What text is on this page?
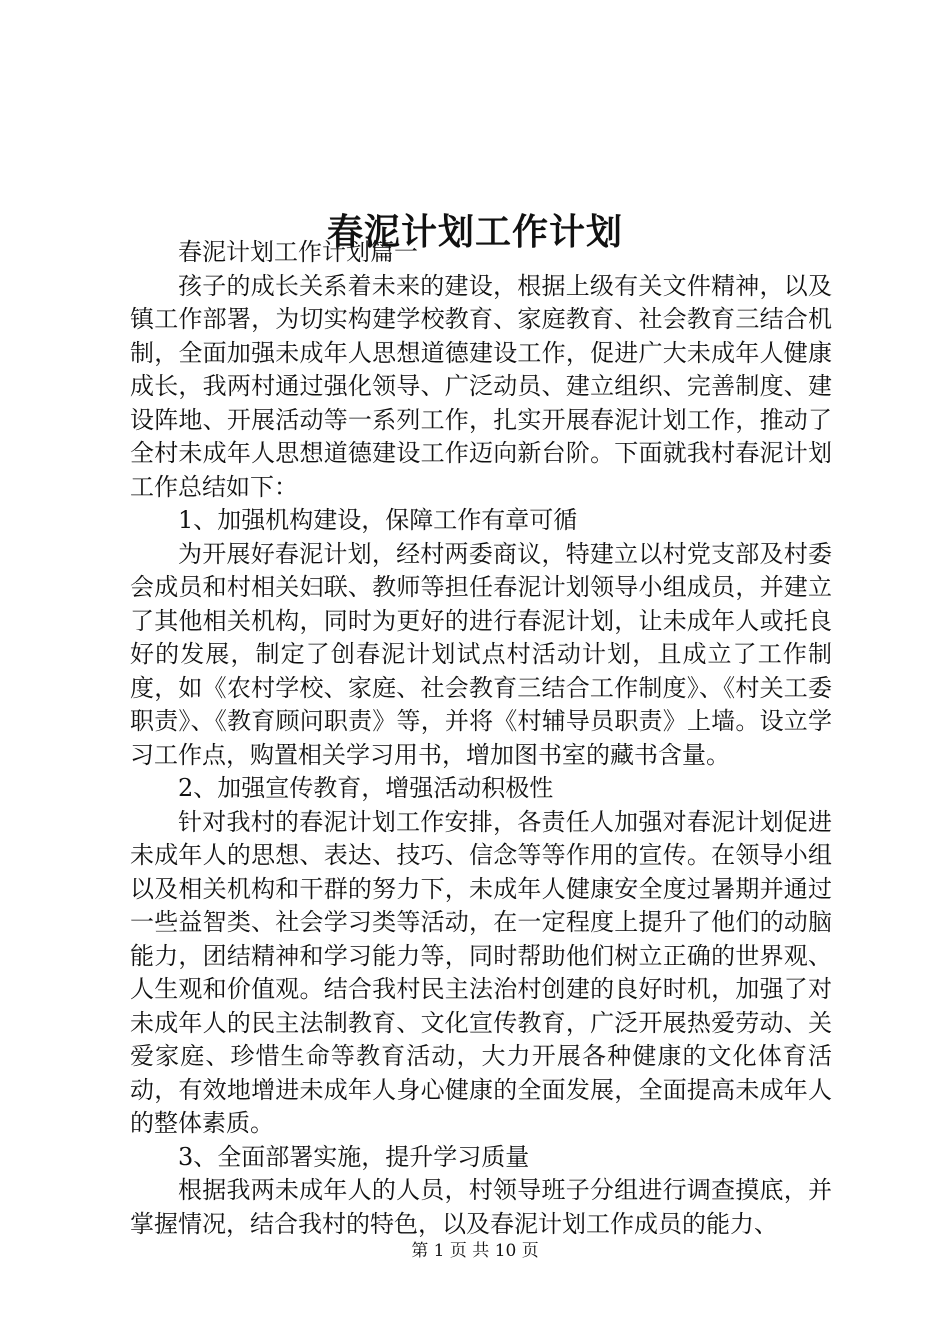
春泥计划工作计划

春泥计划工作计划篇一

孩子的成长关系着未来的建设，根据上级有关文件精神，以及镇工作部署，为切实构建学校教育、家庭教育、社会教育三结合机制，全面加强未成年人思想道德建设工作，促进广大未成年人健康成长，我两村通过强化领导、广泛动员、建立组织、完善制度、建设阵地、开展活动等一系列工作，扎实开展春泥计划工作，推动了全村未成年人思想道德建设工作迈向新台阶。下面就我村春泥计划工作总结如下：

1、加强机构建设，保障工作有章可循

为开展好春泥计划，经村两委商议，特建立以村党支部及村委会成员和村相关妇联、教师等担任春泥计划领导小组成员，并建立了其他相关机构，同时为更好的进行春泥计划，让未成年人或托良好的发展，制定了创春泥计划试点村活动计划，且成立了工作制度，如《农村学校、家庭、社会教育三结合工作制度》、《村关工委职责》、《教育顾问职责》等，并将《村辅导员职责》上墙。设立学习工作点，购置相关学习用书，增加图书室的藏书含量。

2、加强宣传教育，增强活动积极性

针对我村的春泥计划工作安排，各责任人加强对春泥计划促进未成年人的思想、表达、技巧、信念等等作用的宣传。在领导小组以及相关机构和干群的努力下，未成年人健康安全度过暑期并通过一些益智类、社会学习类等活动，在一定程度上提升了他们的动脑能力，团结精神和学习能力等，同时帮助他们树立正确的世界观、人生观和价值观。结合我村民主法治村创建的良好时机，加强了对未成年人的民主法制教育、文化宣传教育，广泛开展热爱劳动、关爱家庭、珍惜生命等教育活动，大力开展各种健康的文化体育活动，有效地增进未成年人身心健康的全面发展，全面提高未成年人的整体素质。

3、全面部署实施，提升学习质量

根据我两未成年人的人员，村领导班子分组进行调查摸底，并掌握情况，结合我村的特色，以及春泥计划工作成员的能力、

第 1 页 共 10 页
